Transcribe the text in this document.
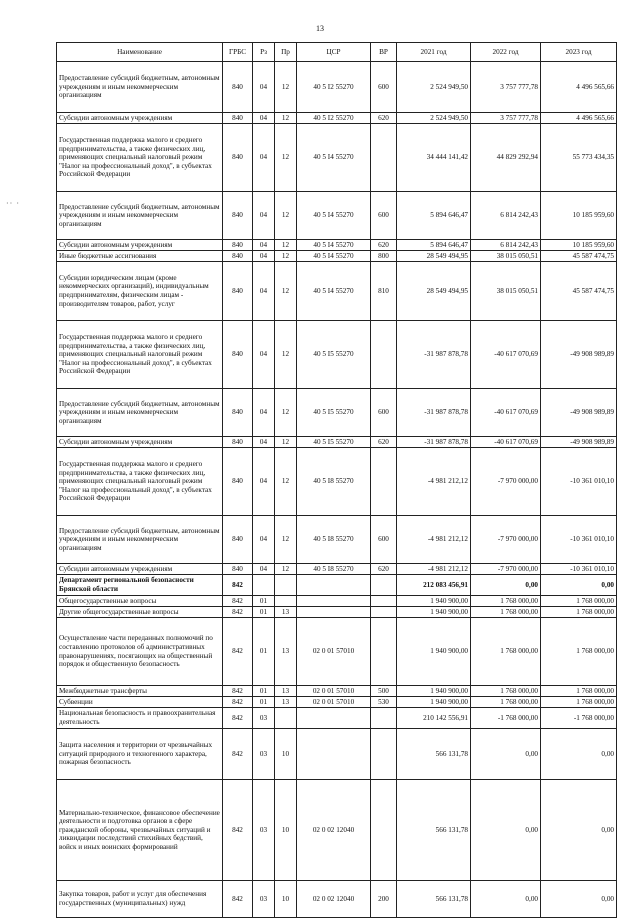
13
·· ·
Наименование	ГРБС	Рз	Пр	ЦСР	ВР	2021 год	2022 год	2023 год
Предоставление субсидий бюджетным, автономным учреждениям и иным некоммерческим организациям	840	04	12	40 5 I2 55270	600	2 524 949,50	3 757 777,78	4 496 565,66
Субсидии автономным учреждениям	840	04	12	40 5 I2 55270	620	2 524 949,50	3 757 777,78	4 496 565,66
Государственная поддержка малого и среднего предпринимательства, а также физических лиц, применяющих специальный налоговый режим "Налог на профессиональный доход", в субъектах Российской Федерации	840	04	12	40 5 I4 55270		34 444 141,42	44 829 292,94	55 773 434,35
Предоставление субсидий бюджетным, автономным учреждениям и иным некоммерческим организациям	840	04	12	40 5 I4 55270	600	5 894 646,47	6 814 242,43	10 185 959,60
Субсидии автономным учреждениям	840	04	12	40 5 I4 55270	620	5 894 646,47	6 814 242,43	10 185 959,60
Иные бюджетные ассигнования	840	04	12	40 5 I4 55270	800	28 549 494,95	38 015 050,51	45 587 474,75
Субсидии юридическим лицам (кроме некоммерческих организаций), индивидуальным предпринимателям, физическим лицам - производителям товаров, работ, услуг	840	04	12	40 5 I4 55270	810	28 549 494,95	38 015 050,51	45 587 474,75
Государственная поддержка малого и среднего предпринимательства, а также физических лиц, применяющих специальный налоговый режим "Налог на профессиональный доход", в субъектах Российской Федерации	840	04	12	40 5 I5 55270		-31 987 878,78	-40 617 070,69	-49 908 989,89
Предоставление субсидий бюджетным, автономным учреждениям и иным некоммерческим организациям	840	04	12	40 5 I5 55270	600	-31 987 878,78	-40 617 070,69	-49 908 989,89
Субсидии автономным учреждениям	840	04	12	40 5 I5 55270	620	-31 987 878,78	-40 617 070,69	-49 908 989,89
Государственная поддержка малого и среднего предпринимательства, а также физических лиц, применяющих специальный налоговый режим "Налог на профессиональный доход", в субъектах Российской Федерации	840	04	12	40 5 I8 55270		-4 981 212,12	-7 970 000,00	-10 361 010,10
Предоставление субсидий бюджетным, автономным учреждениям и иным некоммерческим организациям	840	04	12	40 5 I8 55270	600	-4 981 212,12	-7 970 000,00	-10 361 010,10
Субсидии автономным учреждениям	840	04	12	40 5 I8 55270	620	-4 981 212,12	-7 970 000,00	-10 361 010,10
Департамент региональной безопасности Брянской области	842					212 083 456,91	0,00	0,00
Общегосударственные вопросы	842	01				1 940 900,00	1 768 000,00	1 768 000,00
Другие общегосударственные вопросы	842	01	13			1 940 900,00	1 768 000,00	1 768 000,00
Осуществление части переданных полномочий по составлению протоколов об административных правонарушениях, посягающих на общественный порядок и общественную безопасность	842	01	13	02 0 01 57010		1 940 900,00	1 768 000,00	1 768 000,00
Межбюджетные трансферты	842	01	13	02 0 01 57010	500	1 940 900,00	1 768 000,00	1 768 000,00
Субвенции	842	01	13	02 0 01 57010	530	1 940 900,00	1 768 000,00	1 768 000,00
Национальная безопасность и правоохранительная деятельность	842	03				210 142 556,91	-1 768 000,00	-1 768 000,00
Защита населения и территории от чрезвычайных ситуаций природного и техногенного характера, пожарная безопасность	842	03	10			566 131,78	0,00	0,00
Материально-техническое, финансовое обеспечение деятельности и подготовка органов в сфере гражданской обороны, чрезвычайных ситуаций и ликвидации последствий стихийных бедствий, войск и иных воинских формирований	842	03	10	02 0 02 12040		566 131,78	0,00	0,00
Закупка товаров, работ и услуг для обеспечения государственных (муниципальных) нужд	842	03	10	02 0 02 12040	200	566 131,78	0,00	0,00
